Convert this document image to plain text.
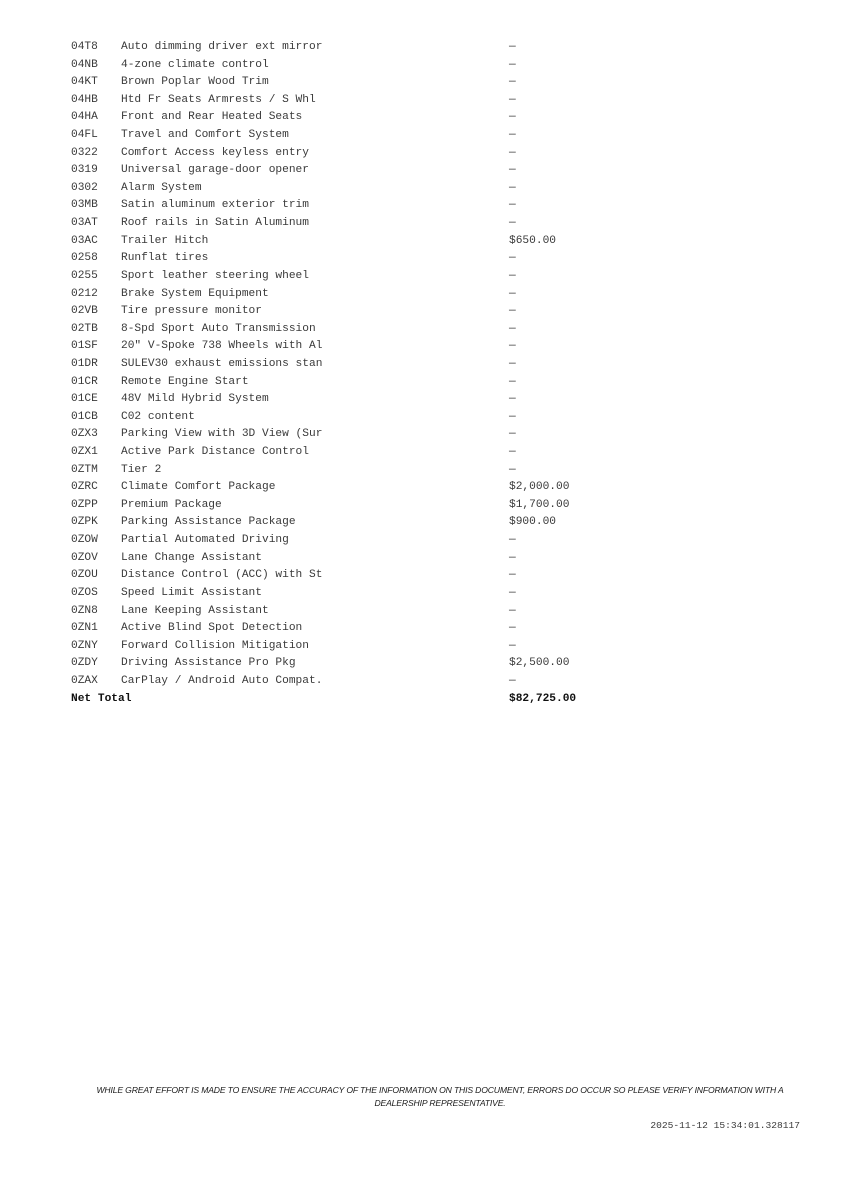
04T8	Auto dimming driver ext mirror	—
04NB	4-zone climate control	—
04KT	Brown Poplar Wood Trim	—
04HB	Htd Fr Seats Armrests / S Whl	—
04HA	Front and Rear Heated Seats	—
04FL	Travel and Comfort System	—
0322	Comfort Access keyless entry	—
0319	Universal garage-door opener	—
0302	Alarm System	—
03MB	Satin aluminum exterior trim	—
03AT	Roof rails in Satin Aluminum	—
03AC	Trailer Hitch	$650.00
0258	Runflat tires	—
0255	Sport leather steering wheel	—
0212	Brake System Equipment	—
02VB	Tire pressure monitor	—
02TB	8-Spd Sport Auto Transmission	—
01SF	20" V-Spoke 738 Wheels with Al	—
01DR	SULEV30 exhaust emissions stan	—
01CR	Remote Engine Start	—
01CE	48V Mild Hybrid System	—
01CB	C02 content	—
0ZX3	Parking View with 3D View (Sur	—
0ZX1	Active Park Distance Control	—
0ZTM	Tier 2	—
0ZRC	Climate Comfort Package	$2,000.00
0ZPP	Premium Package	$1,700.00
0ZPK	Parking Assistance Package	$900.00
0ZOW	Partial Automated Driving	—
0ZOV	Lane Change Assistant	—
0ZOU	Distance Control (ACC) with St	—
0ZOS	Speed Limit Assistant	—
0ZN8	Lane Keeping Assistant	—
0ZN1	Active Blind Spot Detection	—
0ZNY	Forward Collision Mitigation	—
0ZDY	Driving Assistance Pro Pkg	$2,500.00
0ZAX	CarPlay / Android Auto Compat.	—
Net Total	$82,725.00
WHILE GREAT EFFORT IS MADE TO ENSURE THE ACCURACY OF THE INFORMATION ON THIS DOCUMENT, ERRORS DO OCCUR SO PLEASE VERIFY INFORMATION WITH A DEALERSHIP REPRESENTATIVE.
2025-11-12 15:34:01.328117
